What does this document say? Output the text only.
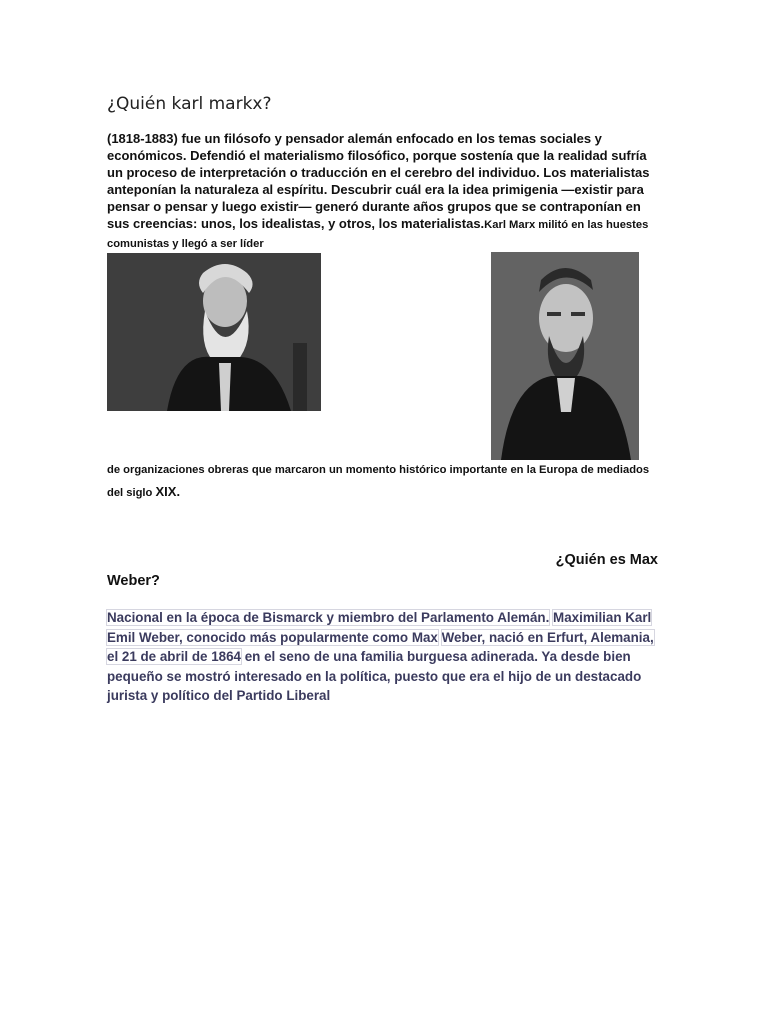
¿Quién karl markx?

(1818-1883) fue un filósofo y pensador alemán enfocado en los temas sociales y económicos. Defendió el materialismo filosófico, porque sostenía que la realidad sufría un proceso de interpretación o traducción en el cerebro del individuo. Los materialistas anteponían la naturaleza al espíritu. Descubrir cuál era la idea primigenia —existir para pensar o pensar y luego existir— generó durante años grupos que se contraponían en sus creencias: unos, los idealistas, y otros, los materialistas.Karl Marx militó en las huestes comunistas y llegó a ser líder

de organizaciones obreras que marcaron un momento histórico importante en la Europa de mediados del siglo XIX.

¿Quién es Max
Weber?

Nacional en la época de Bismarck y miembro del Parlamento Alemán. Maximilian Karl Emil Weber, conocido más popularmente como Max Weber, nació en Erfurt, Alemania, el 21 de abril de 1864 en el seno de una familia burguesa adinerada. Ya desde bien pequeño se mostró interesado en la política, puesto que era el hijo de un destacado jurista y político del Partido Liberal
